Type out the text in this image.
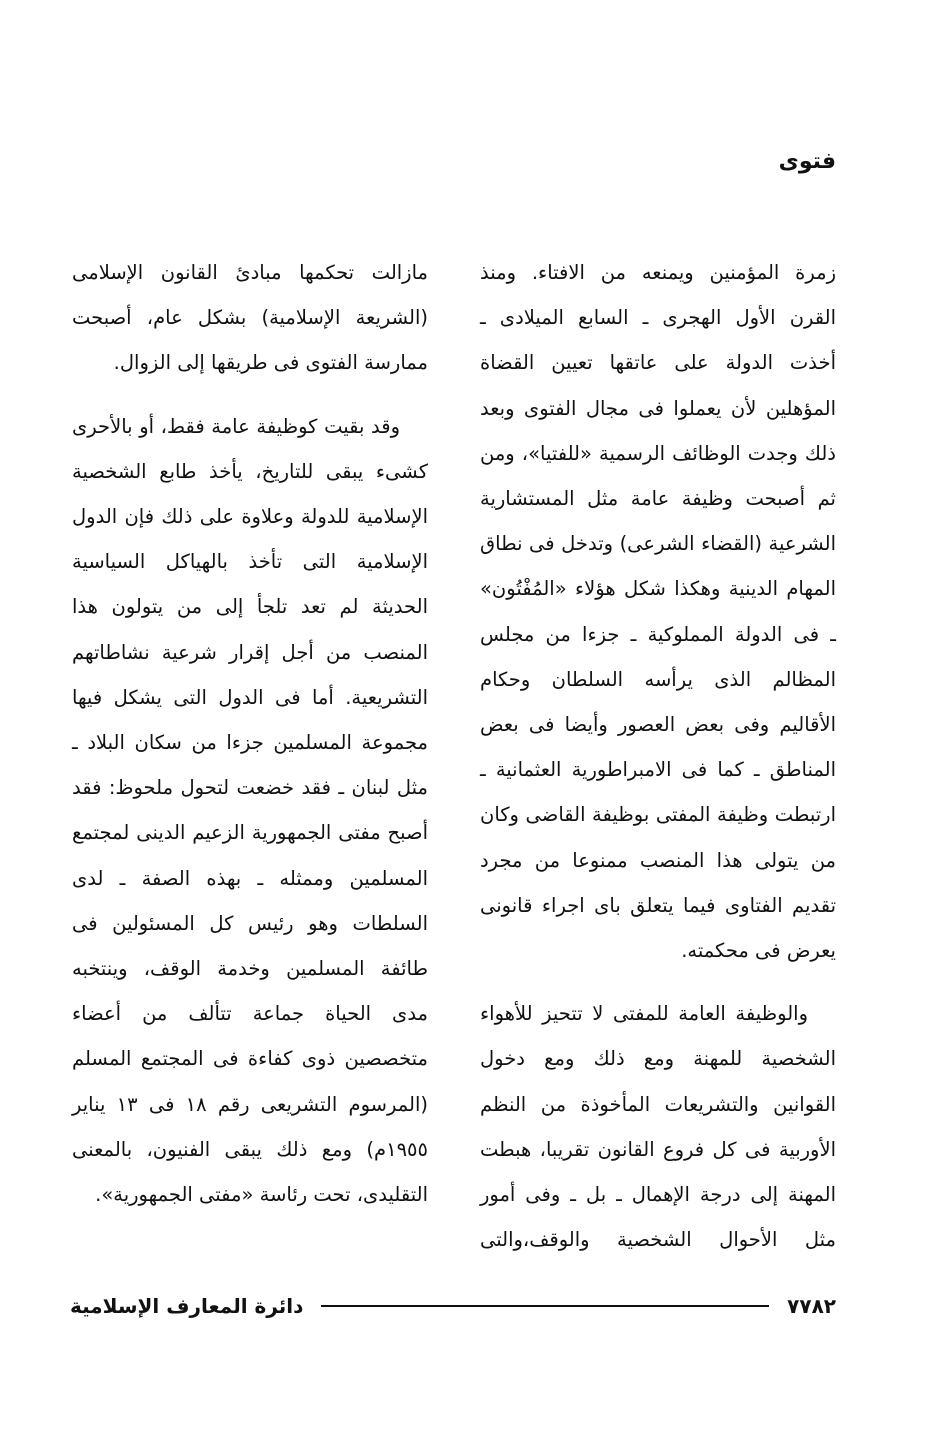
فتوى

زمرة المؤمنين ويمنعه من الافتاء. ومنذ القرن الأول الهجرى ـ السابع الميلادى ـ أخذت الدولة على عاتقها تعيين القضاة المؤهلين لأن يعملوا فى مجال الفتوى وبعد ذلك وجدت الوظائف الرسمية «للفتيا»، ومن ثم أصبحت وظيفة عامة مثل المستشارية الشرعية (القضاء الشرعى) وتدخل فى نطاق المهام الدينية وهكذا شكل هؤلاء «المُفْتُون» ـ فى الدولة المملوكية ـ جزءا من مجلس المظالم الذى يرأسه السلطان وحكام الأقاليم وفى بعض العصور وأيضا فى بعض المناطق ـ كما فى الامبراطورية العثمانية ـ ارتبطت وظيفة المفتى بوظيفة القاضى وكان من يتولى هذا المنصب ممنوعا من مجرد تقديم الفتاوى فيما يتعلق باى اجراء قانونى يعرض فى محكمته.

والوظيفة العامة للمفتى لا تتحيز للأهواء الشخصية للمهنة ومع ذلك ومع دخول القوانين والتشريعات المأخوذة من النظم الأوربية فى كل فروع القانون تقريبا، هبطت المهنة إلى درجة الإهمال ـ بل ـ وفى أمور مثل الأحوال الشخصية والوقف،والتى

مازالت تحكمها مبادئ القانون الإسلامى (الشريعة الإسلامية) بشكل عام، أصبحت ممارسة الفتوى فى طريقها إلى الزوال.

وقد بقيت كوظيفة عامة فقط، أو بالأحرى كشىء يبقى للتاريخ، يأخذ طابع الشخصية الإسلامية للدولة وعلاوة على ذلك فإن الدول الإسلامية التى تأخذ بالهياكل السياسية الحديثة لم تعد تلجأ إلى من يتولون هذا المنصب من أجل إقرار شرعية نشاطاتهم التشريعية. أما فى الدول التى يشكل فيها مجموعة المسلمين جزءا من سكان البلاد ـ مثل لبنان ـ فقد خضعت لتحول ملحوظ: فقد أصبح مفتى الجمهورية الزعيم الدينى لمجتمع المسلمين وممثله ـ بهذه الصفة ـ لدى السلطات وهو رئيس كل المسئولين فى طائفة المسلمين وخدمة الوقف، وينتخبه مدى الحياة جماعة تتألف من أعضاء متخصصين ذوى كفاءة فى المجتمع المسلم (المرسوم التشريعى رقم ١٨ فى ١٣ يناير ١٩٥٥م) ومع ذلك يبقى الفنيون، بالمعنى التقليدى، تحت رئاسة «مفتى الجمهورية».

٧٧٨٢
دائرة المعارف الإسلامية
